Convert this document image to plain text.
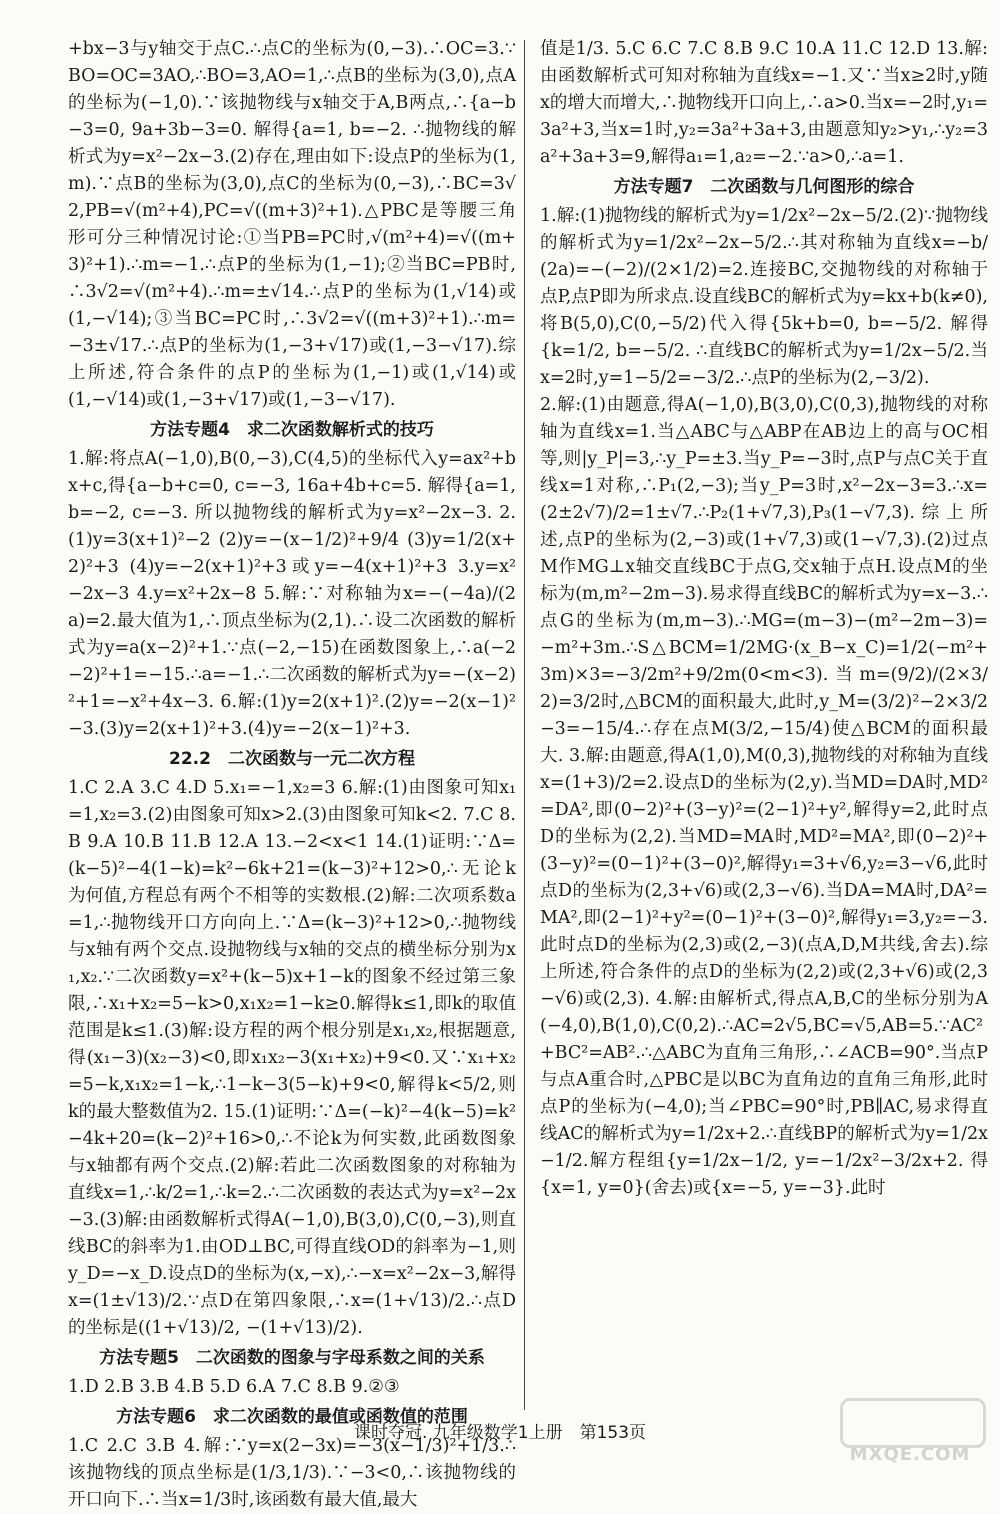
+bx−3与y轴交于点C.∴点C的坐标为(0,−3).∴OC=3.∵BO=OC=3AO,∴BO=3,AO=1,∴点B的坐标为(3,0),点A的坐标为(−1,0).∵该抛物线与x轴交于A,B两点,∴{a−b−3=0, 9a+3b−3=0. 解得{a=1, b=−2. ∴抛物线的解析式为y=x²−2x−3.(2)存在,理由如下:设点P的坐标为(1,m).∵点B的坐标为(3,0),点C的坐标为(0,−3),∴BC=3√2,PB=√(m²+4),PC=√((m+3)²+1).△PBC是等腰三角形可分三种情况讨论:①当PB=PC时,√(m²+4)=√((m+3)²+1).∴m=−1.∴点P的坐标为(1,−1);②当BC=PB时,∴3√2=√(m²+4).∴m=±√14.∴点P的坐标为(1,√14)或(1,−√14);③当BC=PC时,∴3√2=√((m+3)²+1).∴m=−3±√17.∴点P的坐标为(1,−3+√17)或(1,−3−√17).综上所述,符合条件的点P的坐标为(1,−1)或(1,√14)或(1,−√14)或(1,−3+√17)或(1,−3−√17).

方法专题4　求二次函数解析式的技巧

1.解:将点A(−1,0),B(0,−3),C(4,5)的坐标代入y=ax²+bx+c,得{a−b+c=0, c=−3, 16a+4b+c=5. 解得{a=1, b=−2, c=−3. 所以抛物线的解析式为y=x²−2x−3. 2.(1)y=3(x+1)²−2 (2)y=−(x−1/2)²+9/4 (3)y=1/2(x+2)²+3 (4)y=−2(x+1)²+3或y=−4(x+1)²+3 3.y=x²−2x−3 4.y=x²+2x−8 5.解:∵对称轴为x=−(−4a)/(2a)=2.最大值为1,∴顶点坐标为(2,1).∴设二次函数的解析式为y=a(x−2)²+1.∵点(−2,−15)在函数图象上,∴a(−2−2)²+1=−15.∴a=−1.∴二次函数的解析式为y=−(x−2)²+1=−x²+4x−3. 6.解:(1)y=2(x+1)².(2)y=−2(x−1)²−3.(3)y=2(x+1)²+3.(4)y=−2(x−1)²+3.

22.2　二次函数与一元二次方程

1.C 2.A 3.C 4.D 5.x₁=−1,x₂=3 6.解:(1)由图象可知x₁=1,x₂=3.(2)由图象可知x>2.(3)由图象可知k<2. 7.C 8.B 9.A 10.B 11.B 12.A 13.−2<x<1 14.(1)证明:∵Δ=(k−5)²−4(1−k)=k²−6k+21=(k−3)²+12>0,∴无论k为何值,方程总有两个不相等的实数根.(2)解:二次项系数a=1,∴抛物线开口方向向上.∵Δ=(k−3)²+12>0,∴抛物线与x轴有两个交点.设抛物线与x轴的交点的横坐标分别为x₁,x₂.∵二次函数y=x²+(k−5)x+1−k的图象不经过第三象限,∴x₁+x₂=5−k>0,x₁x₂=1−k≥0.解得k≤1,即k的取值范围是k≤1.(3)解:设方程的两个根分别是x₁,x₂,根据题意,得(x₁−3)(x₂−3)<0,即x₁x₂−3(x₁+x₂)+9<0.又∵x₁+x₂=5−k,x₁x₂=1−k,∴1−k−3(5−k)+9<0,解得k<5/2,则k的最大整数值为2. 15.(1)证明:∵Δ=(−k)²−4(k−5)=k²−4k+20=(k−2)²+16>0,∴不论k为何实数,此函数图象与x轴都有两个交点.(2)解:若此二次函数图象的对称轴为直线x=1,∴k/2=1,∴k=2.∴二次函数的表达式为y=x²−2x−3.(3)解:由函数解析式得A(−1,0),B(3,0),C(0,−3),则直线BC的斜率为1.由OD⊥BC,可得直线OD的斜率为−1,则y_D=−x_D.设点D的坐标为(x,−x),∴−x=x²−2x−3,解得x=(1±√13)/2.∵点D在第四象限,∴x=(1+√13)/2.∴点D的坐标是((1+√13)/2, −(1+√13)/2).

方法专题5　二次函数的图象与字母系数之间的关系

1.D 2.B 3.B 4.B 5.D 6.A 7.C 8.B 9.②③

方法专题6　求二次函数的最值或函数值的范围

1.C 2.C 3.B 4.解:∵y=x(2−3x)=−3(x−1/3)²+1/3.∴该抛物线的顶点坐标是(1/3,1/3).∵−3<0,∴该抛物线的开口向下.∴当x=1/3时,该函数有最大值,最大

值是1/3. 5.C 6.C 7.C 8.B 9.C 10.A 11.C 12.D 13.解:由函数解析式可知对称轴为直线x=−1.又∵当x≥2时,y随x的增大而增大,∴抛物线开口向上,∴a>0.当x=−2时,y₁=3a²+3,当x=1时,y₂=3a²+3a+3,由题意知y₂>y₁,∴y₂=3a²+3a+3=9,解得a₁=1,a₂=−2.∵a>0,∴a=1.

方法专题7　二次函数与几何图形的综合

1.解:(1)抛物线的解析式为y=1/2x²−2x−5/2.(2)∵抛物线的解析式为y=1/2x²−2x−5/2.∴其对称轴为直线x=−b/(2a)=−(−2)/(2×1/2)=2.连接BC,交抛物线的对称轴于点P,点P即为所求点.设直线BC的解析式为y=kx+b(k≠0),将B(5,0),C(0,−5/2)代入得{5k+b=0, b=−5/2. 解得{k=1/2, b=−5/2. ∴直线BC的解析式为y=1/2x−5/2.当x=2时,y=1−5/2=−3/2.∴点P的坐标为(2,−3/2).

2.解:(1)由题意,得A(−1,0),B(3,0),C(0,3),抛物线的对称轴为直线x=1.当△ABC与△ABP在AB边上的高与OC相等,则|y_P|=3,∴y_P=±3.当y_P=−3时,点P与点C关于直线x=1对称,∴P₁(2,−3);当y_P=3时,x²−2x−3=3.∴x=(2±2√7)/2=1±√7.∴P₂(1+√7,3),P₃(1−√7,3).综上所述,点P的坐标为(2,−3)或(1+√7,3)或(1−√7,3).(2)过点M作MG⊥x轴交直线BC于点G,交x轴于点H.设点M的坐标为(m,m²−2m−3).易求得直线BC的解析式为y=x−3.∴点G的坐标为(m,m−3).∴MG=(m−3)−(m²−2m−3)=−m²+3m.∴S△BCM=1/2MG·(x_B−x_C)=1/2(−m²+3m)×3=−3/2m²+9/2m(0<m<3).当m=(9/2)/(2×3/2)=3/2时,△BCM的面积最大,此时,y_M=(3/2)²−2×3/2−3=−15/4.∴存在点M(3/2,−15/4)使△BCM的面积最大. 3.解:由题意,得A(1,0),M(0,3),抛物线的对称轴为直线x=(1+3)/2=2.设点D的坐标为(2,y).当MD=DA时,MD²=DA²,即(0−2)²+(3−y)²=(2−1)²+y²,解得y=2,此时点D的坐标为(2,2).当MD=MA时,MD²=MA²,即(0−2)²+(3−y)²=(0−1)²+(3−0)²,解得y₁=3+√6,y₂=3−√6,此时点D的坐标为(2,3+√6)或(2,3−√6).当DA=MA时,DA²=MA²,即(2−1)²+y²=(0−1)²+(3−0)²,解得y₁=3,y₂=−3.此时点D的坐标为(2,3)或(2,−3)(点A,D,M共线,舍去).综上所述,符合条件的点D的坐标为(2,2)或(2,3+√6)或(2,3−√6)或(2,3). 4.解:由解析式,得点A,B,C的坐标分别为A(−4,0),B(1,0),C(0,2).∴AC=2√5,BC=√5,AB=5.∵AC²+BC²=AB².∴△ABC为直角三角形,∴∠ACB=90°.当点P与点A重合时,△PBC是以BC为直角边的直角三角形,此时点P的坐标为(−4,0);当∠PBC=90°时,PB∥AC,易求得直线AC的解析式为y=1/2x+2.∴直线BP的解析式为y=1/2x−1/2.解方程组{y=1/2x−1/2, y=−1/2x²−3/2x+2. 得{x=1, y=0}(舍去)或{x=−5, y=−3}.此时

课时夺冠. 九年级数学1上册　第153页
MXQE.COM
